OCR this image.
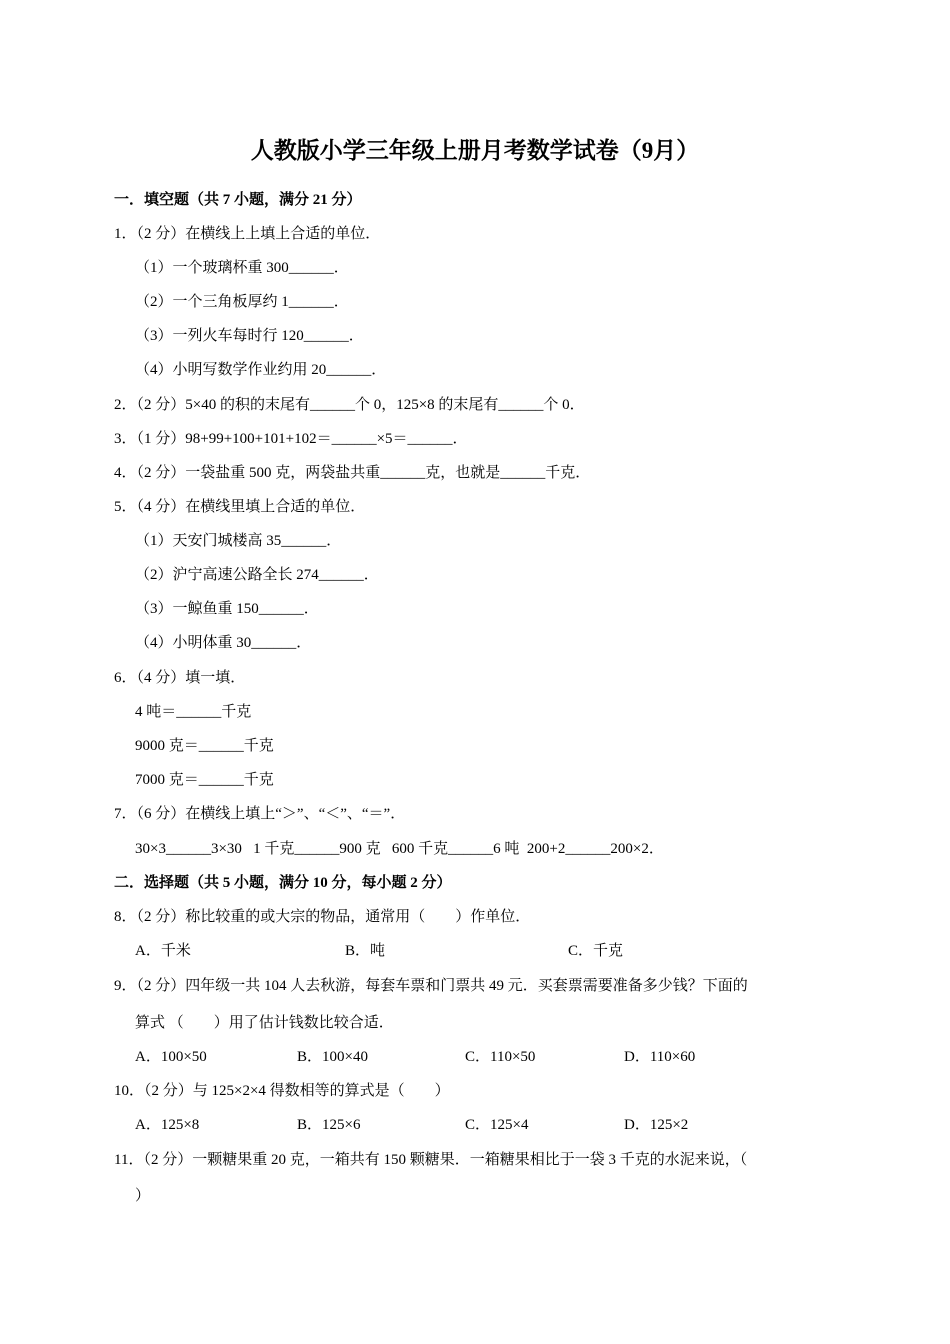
人教版小学三年级上册月考数学试卷（9月）
一．填空题（共 7 小题，满分 21 分）
1．（2 分）在横线上上填上合适的单位．
（1）一个玻璃杯重 300______．
（2）一个三角板厚约 1______．
（3）一列火车每时行 120______．
（4）小明写数学作业约用 20______．
2．（2 分）5×40 的积的末尾有______个 0，125×8 的末尾有______个 0．
3．（1 分）98+99+100+101+102＝______×5＝______．
4．（2 分）一袋盐重 500 克，两袋盐共重______克，也就是______千克．
5．（4 分）在横线里填上合适的单位．
（1）天安门城楼高 35______．
（2）沪宁高速公路全长 274______．
（3）一鲸鱼重 150______．
（4）小明体重 30______．
6．（4 分）填一填．
4 吨＝______千克
9000 克＝______千克
7000 克＝______千克
7．（6 分）在横线上填上“＞”、“＜”、“＝”．
30×3______3×30   1 千克______900 克   600 千克______6 吨  200+2______200×2．
二．选择题（共 5 小题，满分 10 分，每小题 2 分）
8．（2 分）称比较重的或大宗的物品，通常用（　　）作单位．
A．千米	B．吨	C．千克
9．（2 分）四年级一共 104 人去秋游，每套车票和门票共 49 元．买套票需要准备多少钱？下面的
算式 （　　）用了估计钱数比较合适．
A．100×50	B．100×40	C．110×50	D．110×60
10．（2 分）与 125×2×4 得数相等的算式是（　　）
A．125×8	B．125×6	C．125×4	D．125×2
11．（2 分）一颗糖果重 20 克，一箱共有 150 颗糖果．一箱糖果相比于一袋 3 千克的水泥来说，（
）
